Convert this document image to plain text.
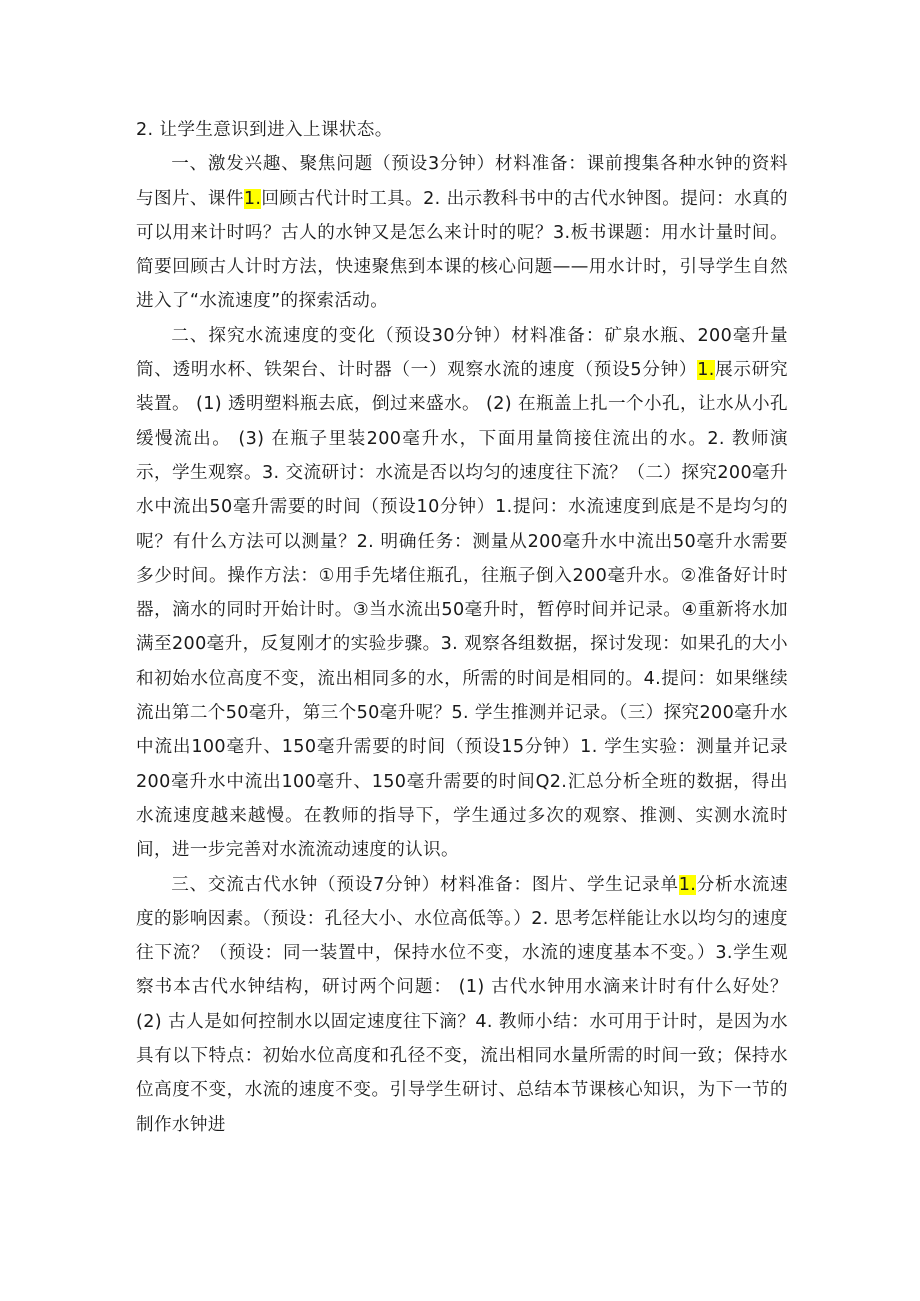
2. 让学生意识到进入上课状态。

一、激发兴趣、聚焦问题（预设3分钟）材料准备：课前搜集各种水钟的资料与图片、课件1.回顾古代计时工具。2. 出示教科书中的古代水钟图。提问：水真的可以用来计时吗？古人的水钟又是怎么来计时的呢？3.板书课题：用水计量时间。简要回顾古人计时方法，快速聚焦到本课的核心问题——用水计时，引导学生自然进入了“水流速度”的探索活动。

二、探究水流速度的变化（预设30分钟）材料准备：矿泉水瓶、200毫升量筒、透明水杯、铁架台、计时器（一）观察水流的速度（预设5分钟）1.展示研究装置。 (1) 透明塑料瓶去底，倒过来盛水。 (2) 在瓶盖上扎一个小孔，让水从小孔缓慢流出。 (3) 在瓶子里装200毫升水，下面用量筒接住流出的水。2. 教师演示，学生观察。3. 交流研讨：水流是否以均匀的速度往下流？（二）探究200毫升水中流出50毫升需要的时间（预设10分钟）1.提问：水流速度到底是不是均匀的呢？有什么方法可以测量？2. 明确任务：测量从200毫升水中流出50毫升水需要多少时间。操作方法：①用手先堵住瓶孔，往瓶子倒入200毫升水。②准备好计时器，滴水的同时开始计时。③当水流出50毫升时，暂停时间并记录。④重新将水加满至200毫升，反复刚才的实验步骤。3. 观察各组数据，探讨发现：如果孔的大小和初始水位高度不变，流出相同多的水，所需的时间是相同的。4.提问：如果继续流出第二个50毫升，第三个50毫升呢？5. 学生推测并记录。（三）探究200毫升水中流出100毫升、150毫升需要的时间（预设15分钟）1. 学生实验：测量并记录200毫升水中流出100毫升、150毫升需要的时间Q2.汇总分析全班的数据，得出水流速度越来越慢。在教师的指导下，学生通过多次的观察、推测、实测水流时间，进一步完善对水流流动速度的认识。

三、交流古代水钟（预设7分钟）材料准备：图片、学生记录单1.分析水流速度的影响因素。（预设：孔径大小、水位高低等。）2. 思考怎样能让水以均匀的速度往下流？（预设：同一装置中，保持水位不变，水流的速度基本不变。）3.学生观察书本古代水钟结构，研讨两个问题： (1) 古代水钟用水滴来计时有什么好处？ (2) 古人是如何控制水以固定速度往下滴？4. 教师小结：水可用于计时，是因为水具有以下特点：初始水位高度和孔径不变，流出相同水量所需的时间一致；保持水位高度不变，水流的速度不变。引导学生研讨、总结本节课核心知识，为下一节的制作水钟进
